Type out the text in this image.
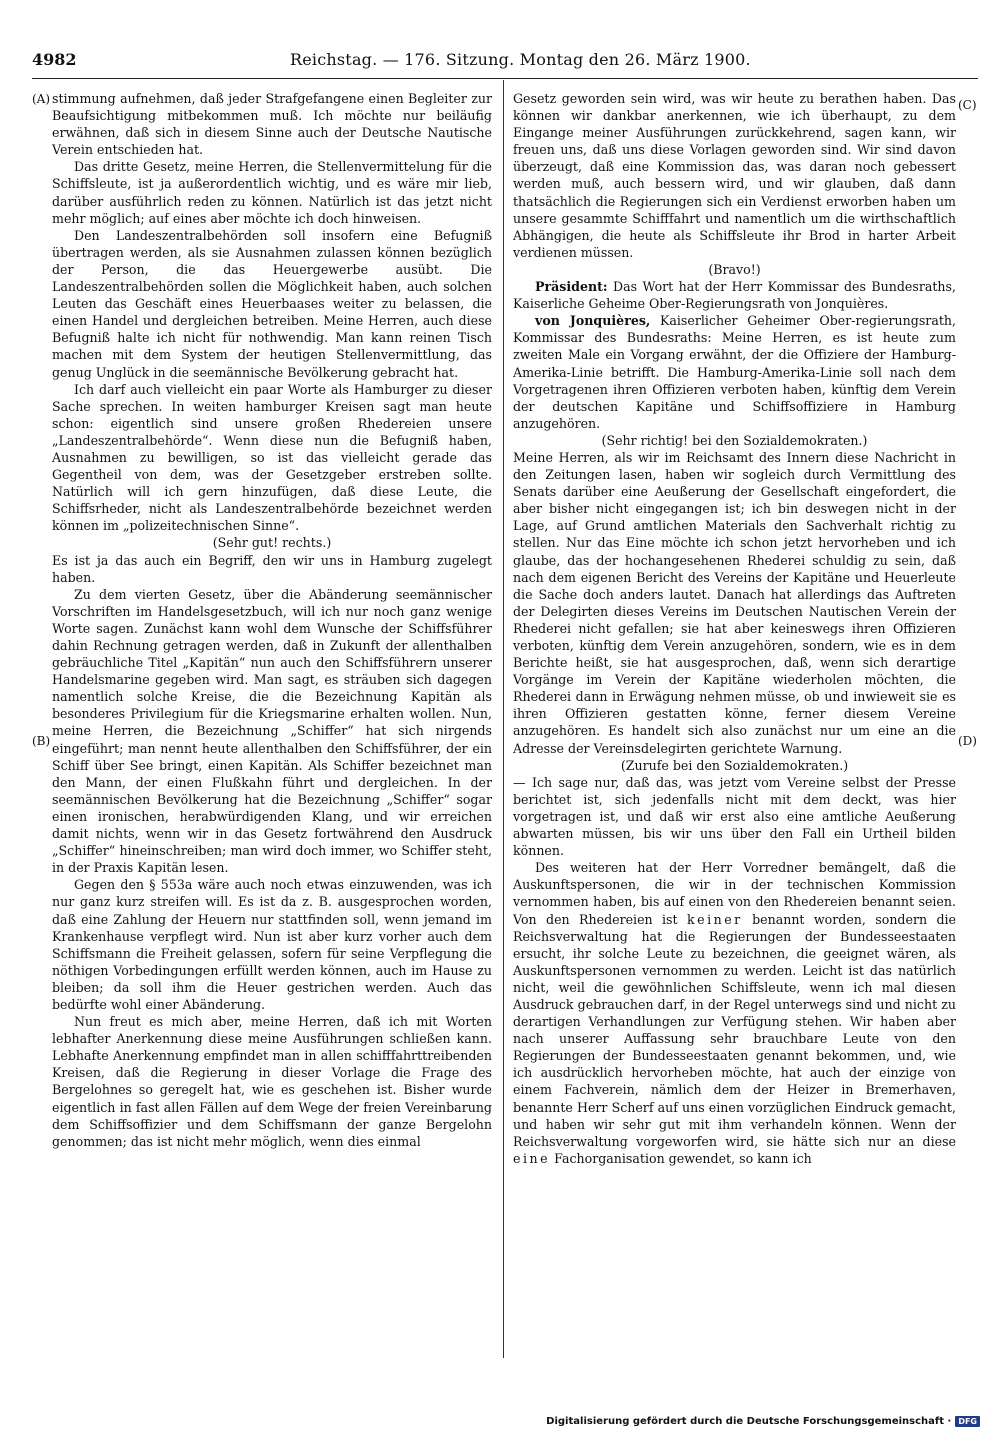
4982	Reichstag. — 176. Sitzung. Montag den 26. März 1900.
(A)
(B)
(C)
(D)

stimmung aufnehmen, daß jeder Strafgefangene einen Begleiter zur Beaufsichtigung mitbekommen muß. Ich möchte nur beiläufig erwähnen, daß sich in diesem Sinne auch der Deutsche Nautische Verein entschieden hat.

Das dritte Gesetz, meine Herren, die Stellenvermittelung für die Schiffsleute, ist ja außerordentlich wichtig, und es wäre mir lieb, darüber ausführlich reden zu können. Natürlich ist das jetzt nicht mehr möglich; auf eines aber möchte ich doch hinweisen.

Den Landeszentralbehörden soll insofern eine Befugniß übertragen werden, als sie Ausnahmen zulassen können bezüglich der Person, die das Heuergewerbe ausübt. Die Landeszentralbehörden sollen die Möglichkeit haben, auch solchen Leuten das Geschäft eines Heuerbaases weiter zu belassen, die einen Handel und dergleichen betreiben. Meine Herren, auch diese Befugniß halte ich nicht für nothwendig. Man kann reinen Tisch machen mit dem System der heutigen Stellenvermittlung, das genug Unglück in die seemännische Bevölkerung gebracht hat.

Ich darf auch vielleicht ein paar Worte als Hamburger zu dieser Sache sprechen. In weiten hamburger Kreisen sagt man heute schon: eigentlich sind unsere großen Rhedereien unsere „Landeszentralbehörde“. Wenn diese nun die Befugniß haben, Ausnahmen zu bewilligen, so ist das vielleicht gerade das Gegentheil von dem, was der Gesetzgeber erstreben sollte. Natürlich will ich gern hinzufügen, daß diese Leute, die Schiffsrheder, nicht als Landeszentralbehörde bezeichnet werden können im „polizeitechnischen Sinne“.

(Sehr gut! rechts.)

Es ist ja das auch ein Begriff, den wir uns in Hamburg zugelegt haben.

Zu dem vierten Gesetz, über die Abänderung seemännischer Vorschriften im Handelsgesetzbuch, will ich nur noch ganz wenige Worte sagen. Zunächst kann wohl dem Wunsche der Schiffsführer dahin Rechnung getragen werden, daß in Zukunft der allenthalben gebräuchliche Titel „Kapitän“ nun auch den Schiffsführern unserer Handelsmarine gegeben wird. Man sagt, es sträuben sich dagegen namentlich solche Kreise, die die Bezeichnung Kapitän als besonderes Privilegium für die Kriegsmarine erhalten wollen. Nun, meine Herren, die Bezeichnung „Schiffer“ hat sich nirgends eingeführt; man nennt heute allenthalben den Schiffsführer, der ein Schiff über See bringt, einen Kapitän. Als Schiffer bezeichnet man den Mann, der einen Flußkahn führt und dergleichen. In der seemännischen Bevölkerung hat die Bezeichnung „Schiffer“ sogar einen ironischen, herabwürdigenden Klang, und wir erreichen damit nichts, wenn wir in das Gesetz fortwährend den Ausdruck „Schiffer“ hineinschreiben; man wird doch immer, wo Schiffer steht, in der Praxis Kapitän lesen.

Gegen den § 553a wäre auch noch etwas einzuwenden, was ich nur ganz kurz streifen will. Es ist da z. B. ausgesprochen worden, daß eine Zahlung der Heuern nur stattfinden soll, wenn jemand im Krankenhause verpflegt wird. Nun ist aber kurz vorher auch dem Schiffsmann die Freiheit gelassen, sofern für seine Verpflegung die nöthigen Vorbedingungen erfüllt werden können, auch im Hause zu bleiben; da soll ihm die Heuer gestrichen werden. Auch das bedürfte wohl einer Abänderung.

Nun freut es mich aber, meine Herren, daß ich mit Worten lebhafter Anerkennung diese meine Ausführungen schließen kann. Lebhafte Anerkennung empfindet man in allen schifffahrttreibenden Kreisen, daß die Regierung in dieser Vorlage die Frage des Bergelohnes so geregelt hat, wie es geschehen ist. Bisher wurde eigentlich in fast allen Fällen auf dem Wege der freien Vereinbarung dem Schiffsoffizier und dem Schiffsmann der ganze Bergelohn genommen; das ist nicht mehr möglich, wenn dies einmal

Gesetz geworden sein wird, was wir heute zu berathen haben. Das können wir dankbar anerkennen, wie ich überhaupt, zu dem Eingange meiner Ausführungen zurückkehrend, sagen kann, wir freuen uns, daß uns diese Vorlagen geworden sind. Wir sind davon überzeugt, daß eine Kommission das, was daran noch gebessert werden muß, auch bessern wird, und wir glauben, daß dann thatsächlich die Regierungen sich ein Verdienst erworben haben um unsere gesammte Schifffahrt und namentlich um die wirthschaftlich Abhängigen, die heute als Schiffsleute ihr Brod in harter Arbeit verdienen müssen.

(Bravo!)

Präsident: Das Wort hat der Herr Kommissar des Bundesraths, Kaiserliche Geheime Ober-Regierungsrath von Jonquières.

von Jonquières, Kaiserlicher Geheimer Ober-regierungsrath, Kommissar des Bundesraths: Meine Herren, es ist heute zum zweiten Male ein Vorgang erwähnt, der die Offiziere der Hamburg-Amerika-Linie betrifft. Die Hamburg-Amerika-Linie soll nach dem Vorgetragenen ihren Offizieren verboten haben, künftig dem Verein der deutschen Kapitäne und Schiffsoffiziere in Hamburg anzugehören.

(Sehr richtig! bei den Sozialdemokraten.)

Meine Herren, als wir im Reichsamt des Innern diese Nachricht in den Zeitungen lasen, haben wir sogleich durch Vermittlung des Senats darüber eine Aeußerung der Gesellschaft eingefordert, die aber bisher nicht eingegangen ist; ich bin deswegen nicht in der Lage, auf Grund amtlichen Materials den Sachverhalt richtig zu stellen. Nur das Eine möchte ich schon jetzt hervorheben und ich glaube, das der hochangesehenen Rhederei schuldig zu sein, daß nach dem eigenen Bericht des Vereins der Kapitäne und Heuerleute die Sache doch anders lautet. Danach hat allerdings das Auftreten der Delegirten dieses Vereins im Deutschen Nautischen Verein der Rhederei nicht gefallen; sie hat aber keineswegs ihren Offizieren verboten, künftig dem Verein anzugehören, sondern, wie es in dem Berichte heißt, sie hat ausgesprochen, daß, wenn sich derartige Vorgänge im Verein der Kapitäne wiederholen möchten, die Rhederei dann in Erwägung nehmen müsse, ob und inwieweit sie es ihren Offizieren gestatten könne, ferner diesem Vereine anzugehören. Es handelt sich also zunächst nur um eine an die Adresse der Vereinsdelegirten gerichtete Warnung.

(Zurufe bei den Sozialdemokraten.)

— Ich sage nur, daß das, was jetzt vom Vereine selbst der Presse berichtet ist, sich jedenfalls nicht mit dem deckt, was hier vorgetragen ist, und daß wir erst also eine amtliche Aeußerung abwarten müssen, bis wir uns über den Fall ein Urtheil bilden können.

Des weiteren hat der Herr Vorredner bemängelt, daß die Auskunftspersonen, die wir in der technischen Kommission vernommen haben, bis auf einen von den Rhedereien benannt seien. Von den Rhedereien ist keiner benannt worden, sondern die Reichsverwaltung hat die Regierungen der Bundesseestaaten ersucht, ihr solche Leute zu bezeichnen, die geeignet wären, als Auskunftspersonen vernommen zu werden. Leicht ist das natürlich nicht, weil die gewöhnlichen Schiffsleute, wenn ich mal diesen Ausdruck gebrauchen darf, in der Regel unterwegs sind und nicht zu derartigen Verhandlungen zur Verfügung stehen. Wir haben aber nach unserer Auffassung sehr brauchbare Leute von den Regierungen der Bundesseestaaten genannt bekommen, und, wie ich ausdrücklich hervorheben möchte, hat auch der einzige von einem Fachverein, nämlich dem der Heizer in Bremerhaven, benannte Herr Scherf auf uns einen vorzüglichen Eindruck gemacht, und haben wir sehr gut mit ihm verhandeln können. Wenn der Reichsverwaltung vorgeworfen wird, sie hätte sich nur an diese eine Fachorganisation gewendet, so kann ich

Digitalisierung gefördert durch die Deutsche Forschungsgemeinschaft · DFG
